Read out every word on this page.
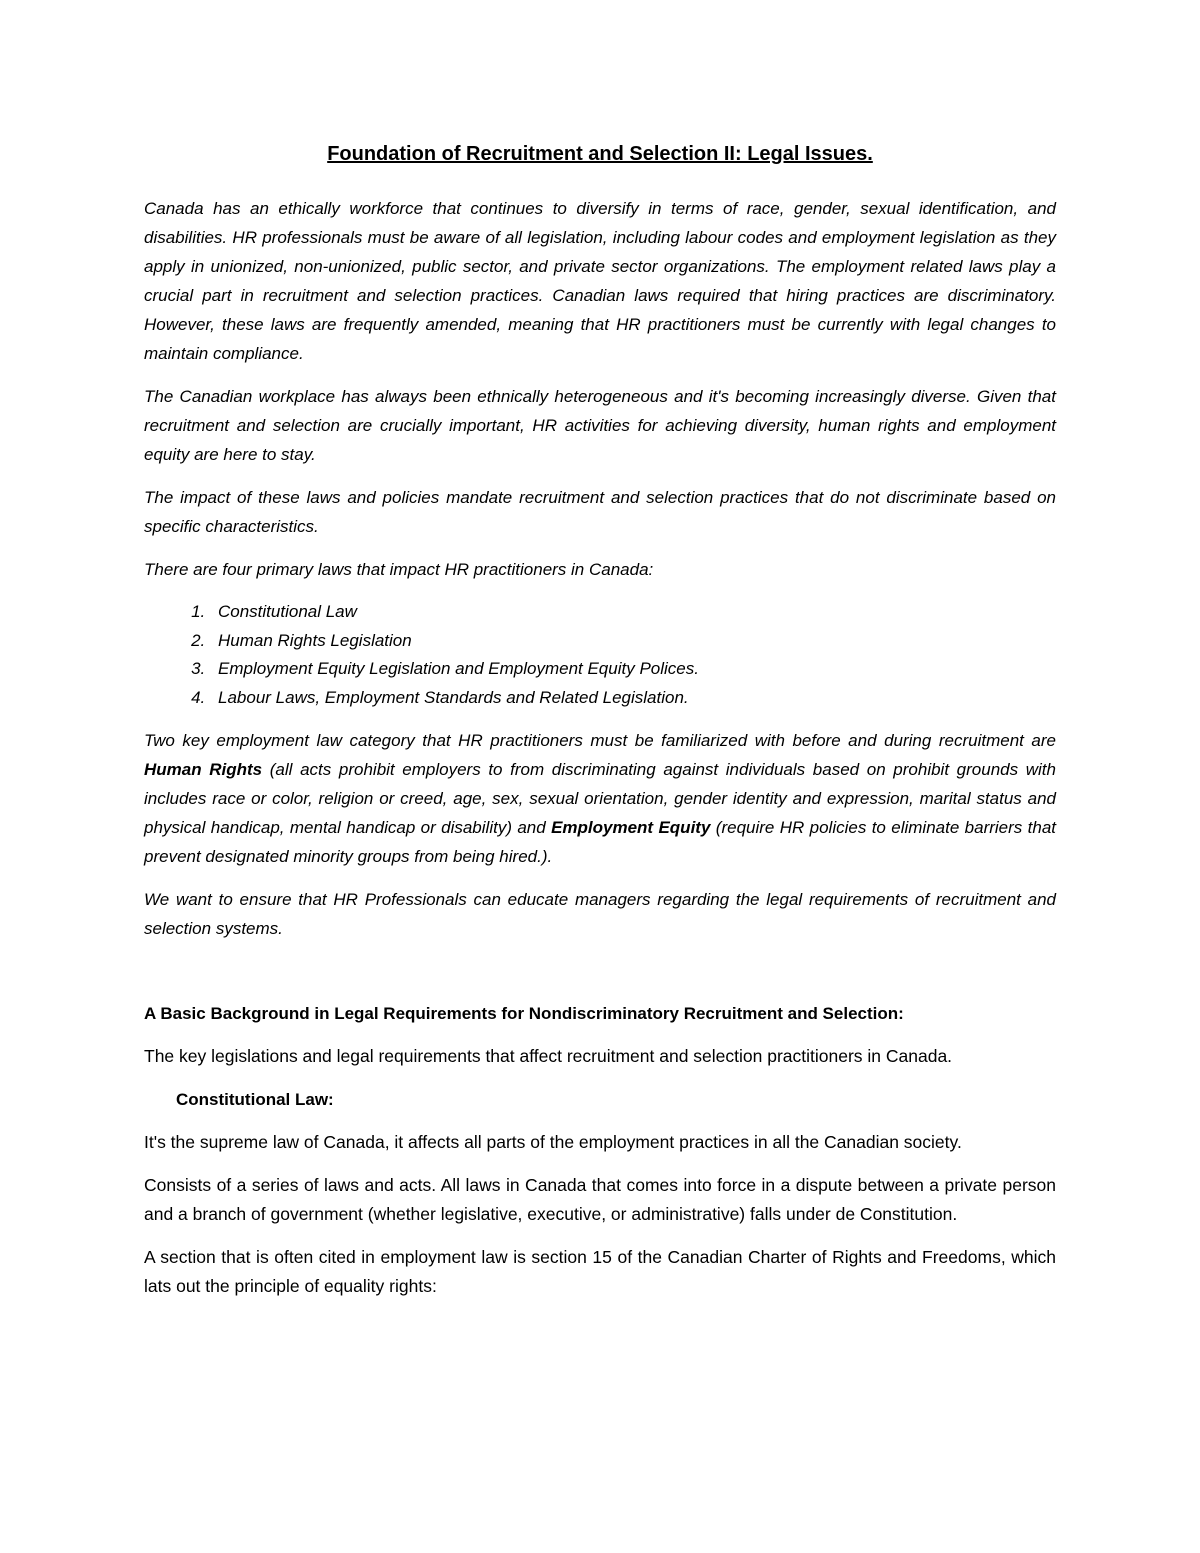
Foundation of Recruitment and Selection II: Legal Issues.

Canada has an ethically workforce that continues to diversify in terms of race, gender, sexual identification, and disabilities. HR professionals must be aware of all legislation, including labour codes and employment legislation as they apply in unionized, non-unionized, public sector, and private sector organizations. The employment related laws play a crucial part in recruitment and selection practices. Canadian laws required that hiring practices are discriminatory. However, these laws are frequently amended, meaning that HR practitioners must be currently with legal changes to maintain compliance.

The Canadian workplace has always been ethnically heterogeneous and it's becoming increasingly diverse. Given that recruitment and selection are crucially important, HR activities for achieving diversity, human rights and employment equity are here to stay.

The impact of these laws and policies mandate recruitment and selection practices that do not discriminate based on specific characteristics.

There are four primary laws that impact HR practitioners in Canada:

1. Constitutional Law
2. Human Rights Legislation
3. Employment Equity Legislation and Employment Equity Polices.
4. Labour Laws, Employment Standards and Related Legislation.

Two key employment law category that HR practitioners must be familiarized with before and during recruitment are Human Rights (all acts prohibit employers to from discriminating against individuals based on prohibit grounds with includes race or color, religion or creed, age, sex, sexual orientation, gender identity and expression, marital status and physical handicap, mental handicap or disability) and Employment Equity (require HR policies to eliminate barriers that prevent designated minority groups from being hired.).

We want to ensure that HR Professionals can educate managers regarding the legal requirements of recruitment and selection systems.

A Basic Background in Legal Requirements for Nondiscriminatory Recruitment and Selection:

The key legislations and legal requirements that affect recruitment and selection practitioners in Canada.

Constitutional Law:

It's the supreme law of Canada, it affects all parts of the employment practices in all the Canadian society.

Consists of a series of laws and acts. All laws in Canada that comes into force in a dispute between a private person and a branch of government (whether legislative, executive, or administrative) falls under de Constitution.

A section that is often cited in employment law is section 15 of the Canadian Charter of Rights and Freedoms, which lats out the principle of equality rights:
